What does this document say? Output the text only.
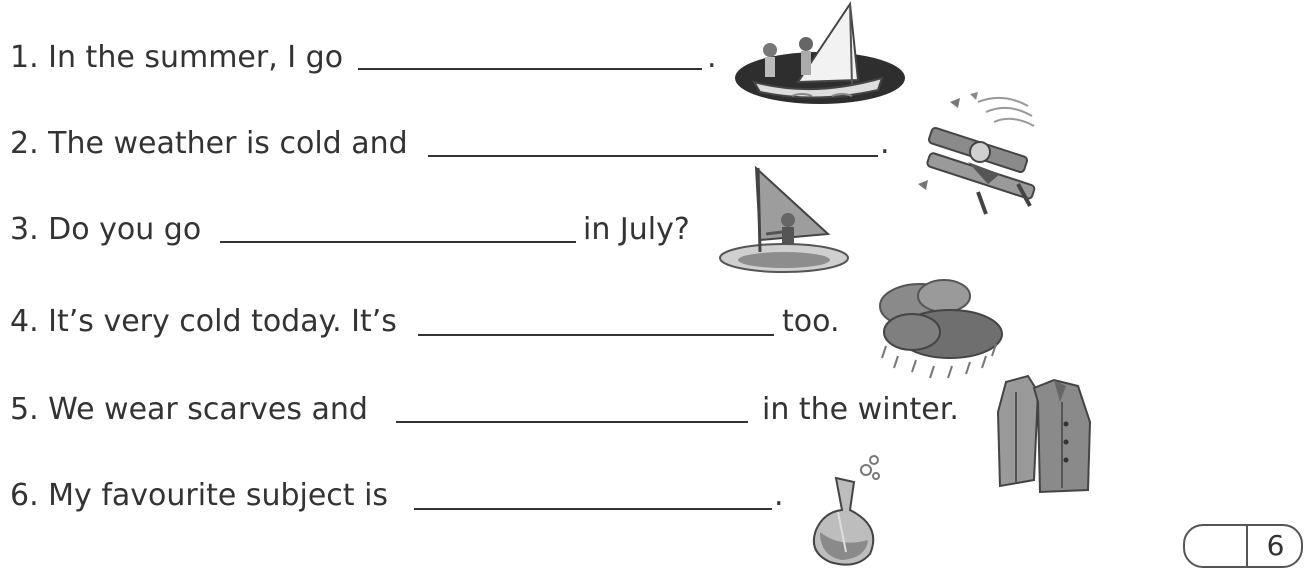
1. In the summer, I go	.
2. The weather is cold and	.
3. Do you go	in July?
4. It’s very cold today. It’s	too.
5. We wear scarves and	in the winter.
6. My favourite subject is	.
6
